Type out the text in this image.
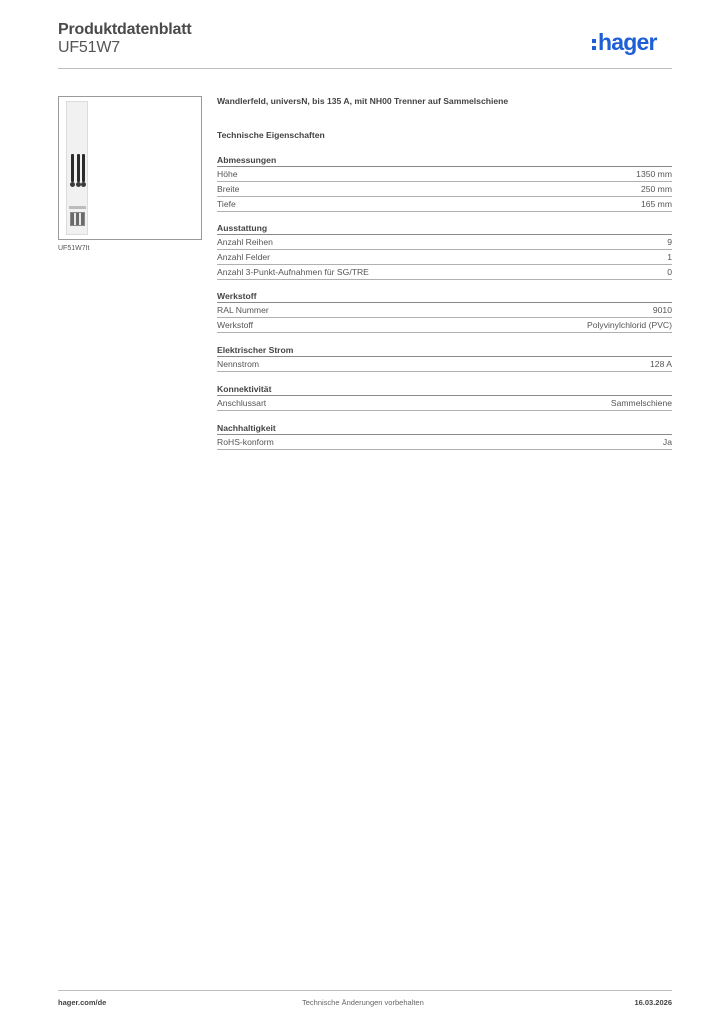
Produktdatenblatt
UF51W7	hager
UF51W7It
Wandlerfeld, universN, bis 135 A, mit NH00 Trenner auf Sammelschiene
Technische Eigenschaften
Abmessungen
Höhe	1350 mm
Breite	250 mm
Tiefe	165 mm
Ausstattung
Anzahl Reihen	9
Anzahl Felder	1
Anzahl 3-Punkt-Aufnahmen für SG/TRE	0
Werkstoff
RAL Nummer	9010
Werkstoff	Polyvinylchlorid (PVC)
Elektrischer Strom
Nennstrom	128 A
Konnektivität
Anschlussart	Sammelschiene
Nachhaltigkeit
RoHS-konform	Ja
hager.com/de	Technische Änderungen vorbehalten	16.03.2026
